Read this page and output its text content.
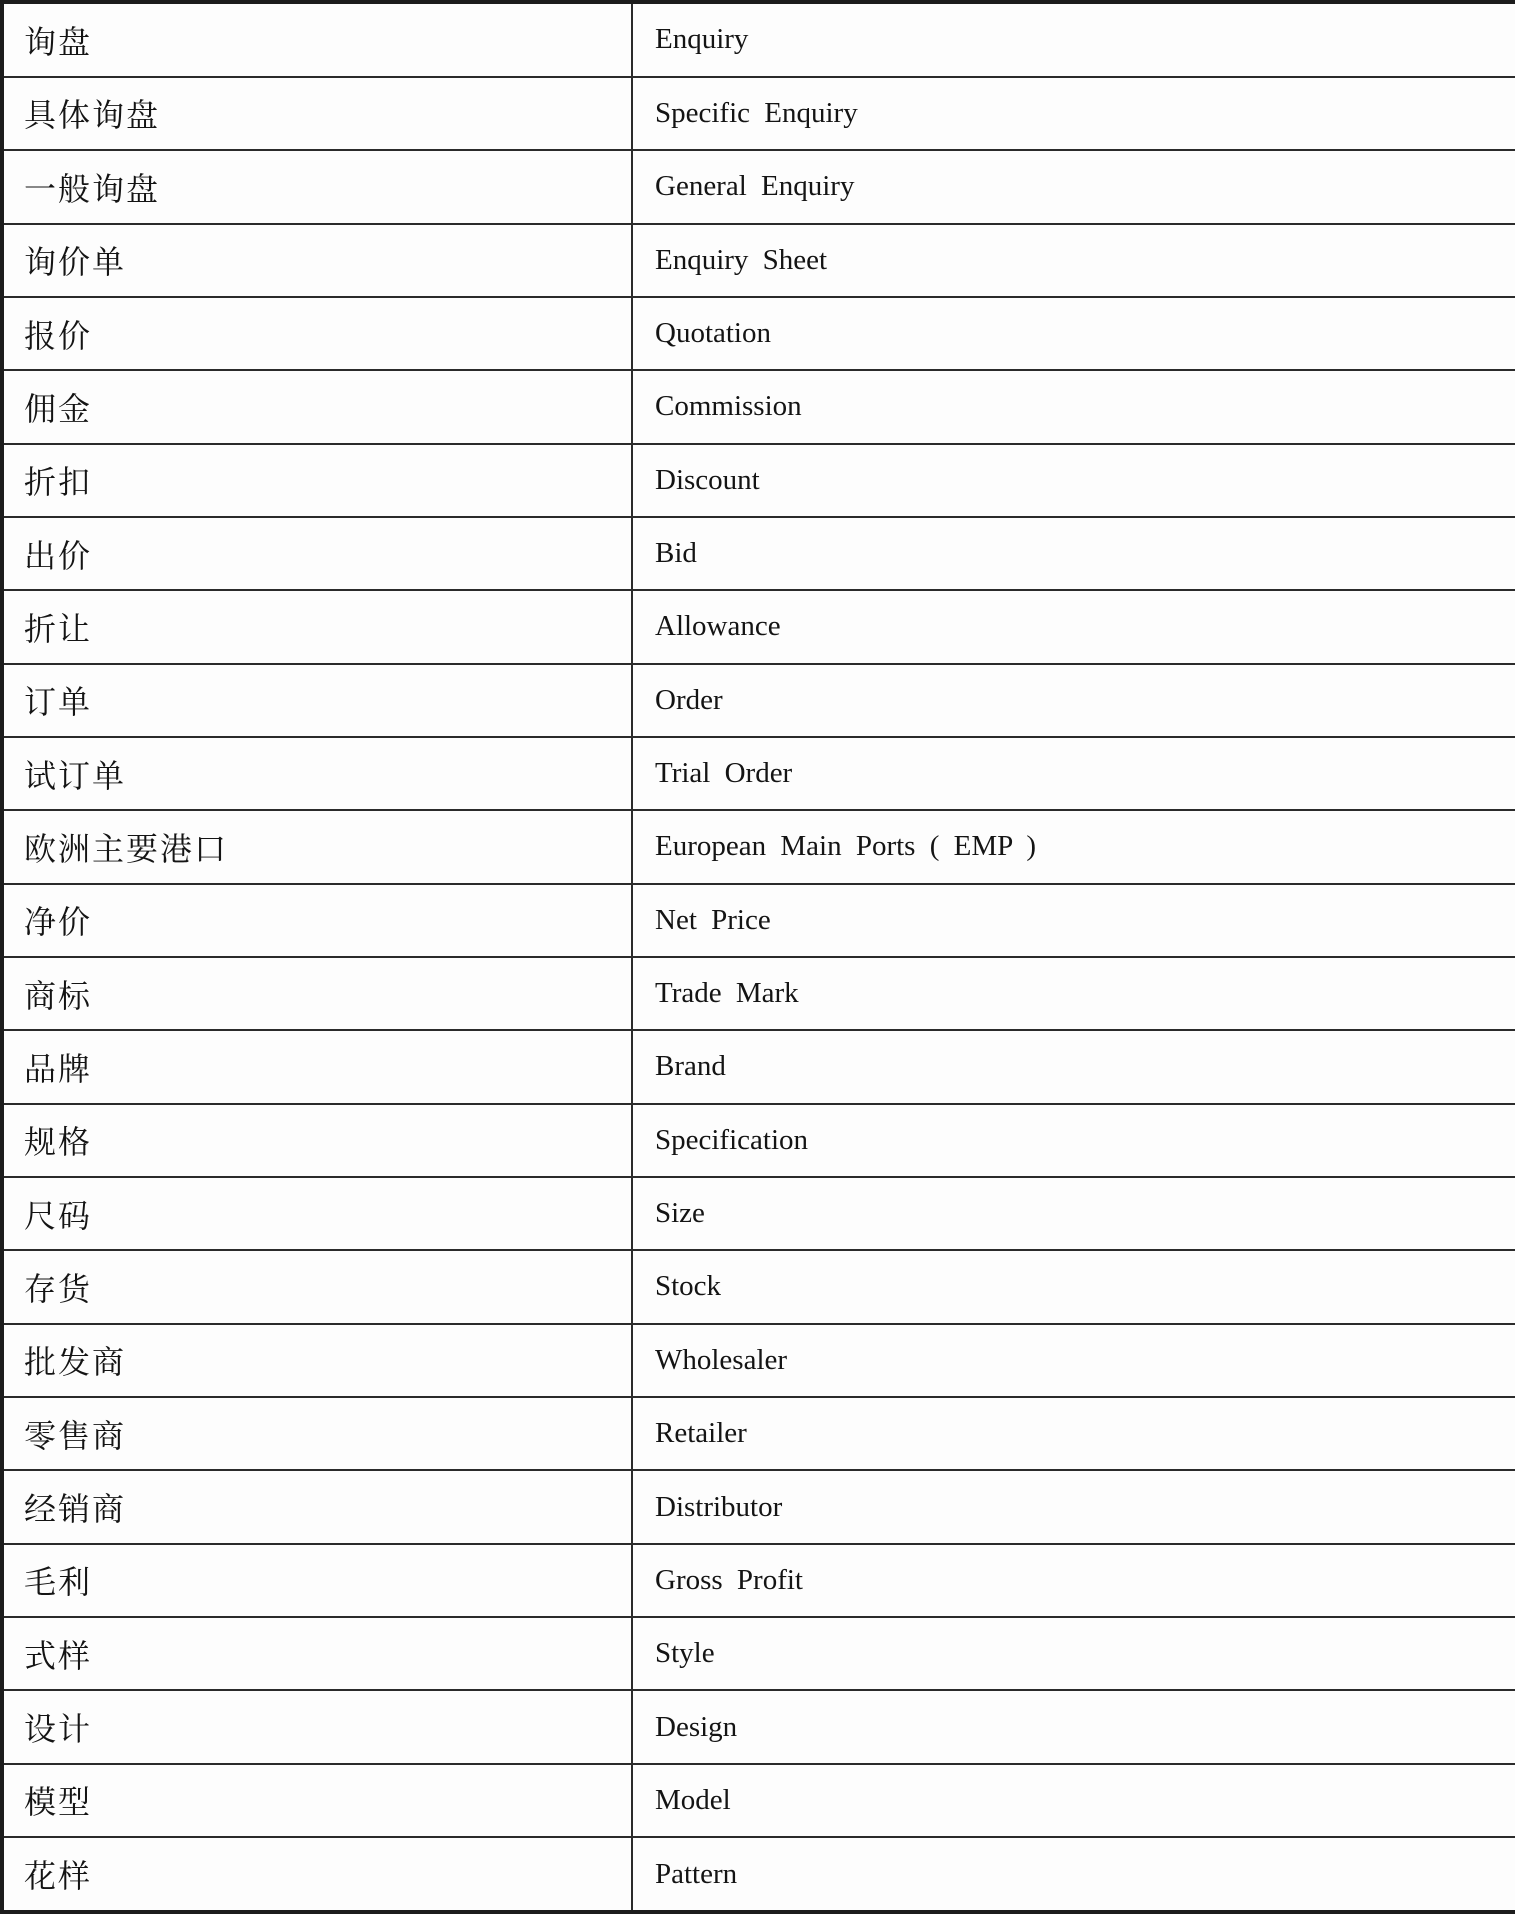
询盘	Enquiry
具体询盘	Specific Enquiry
一般询盘	General Enquiry
询价单	Enquiry Sheet
报价	Quotation
佣金	Commission
折扣	Discount
出价	Bid
折让	Allowance
订单	Order
试订单	Trial Order
欧洲主要港口	European Main Ports ( EMP )
净价	Net Price
商标	Trade Mark
品牌	Brand
规格	Specification
尺码	Size
存货	Stock
批发商	Wholesaler
零售商	Retailer
经销商	Distributor
毛利	Gross Profit
式样	Style
设计	Design
模型	Model
花样	Pattern
